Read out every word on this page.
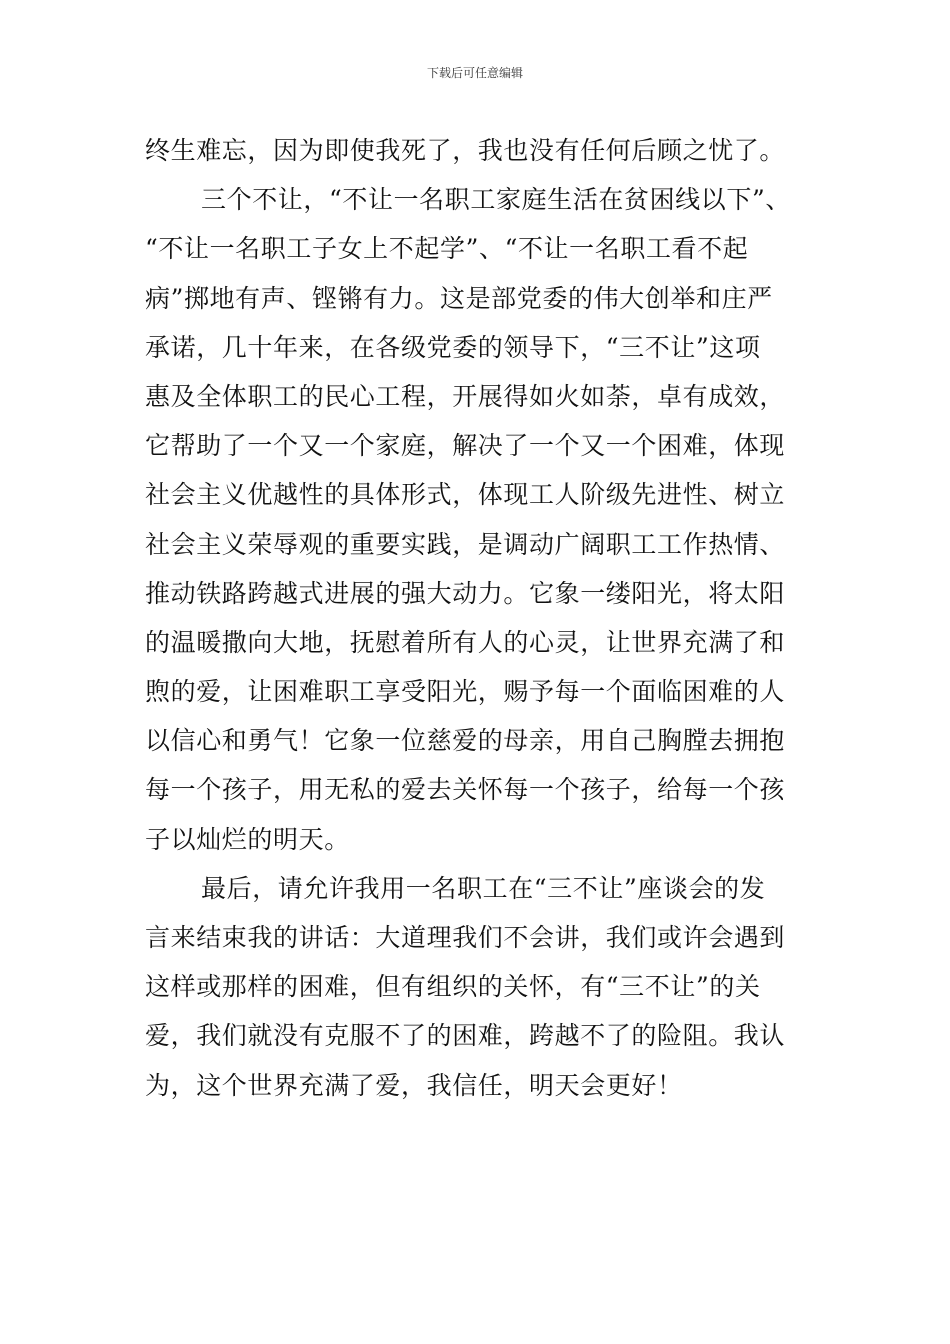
下载后可任意编辑
终生难忘，因为即使我死了，我也没有任何后顾之忧了。
三个不让，“不让一名职工家庭生活在贫困线以下”、
“不让一名职工子女上不起学”、“不让一名职工看不起
病”掷地有声、铿锵有力。这是部党委的伟大创举和庄严
承诺，几十年来，在各级党委的领导下，“三不让”这项
惠及全体职工的民心工程，开展得如火如荼，卓有成效，
它帮助了一个又一个家庭，解决了一个又一个困难，体现
社会主义优越性的具体形式，体现工人阶级先进性、树立
社会主义荣辱观的重要实践，是调动广阔职工工作热情、
推动铁路跨越式进展的强大动力。它象一缕阳光，将太阳
的温暖撒向大地，抚慰着所有人的心灵，让世界充满了和
煦的爱，让困难职工享受阳光，赐予每一个面临困难的人
以信心和勇气！它象一位慈爱的母亲，用自己胸膛去拥抱
每一个孩子，用无私的爱去关怀每一个孩子，给每一个孩
子以灿烂的明天。
最后，请允许我用一名职工在“三不让”座谈会的发
言来结束我的讲话：大道理我们不会讲，我们或许会遇到
这样或那样的困难，但有组织的关怀，有“三不让”的关
爱，我们就没有克服不了的困难，跨越不了的险阻。我认
为，这个世界充满了爱，我信任，明天会更好！
